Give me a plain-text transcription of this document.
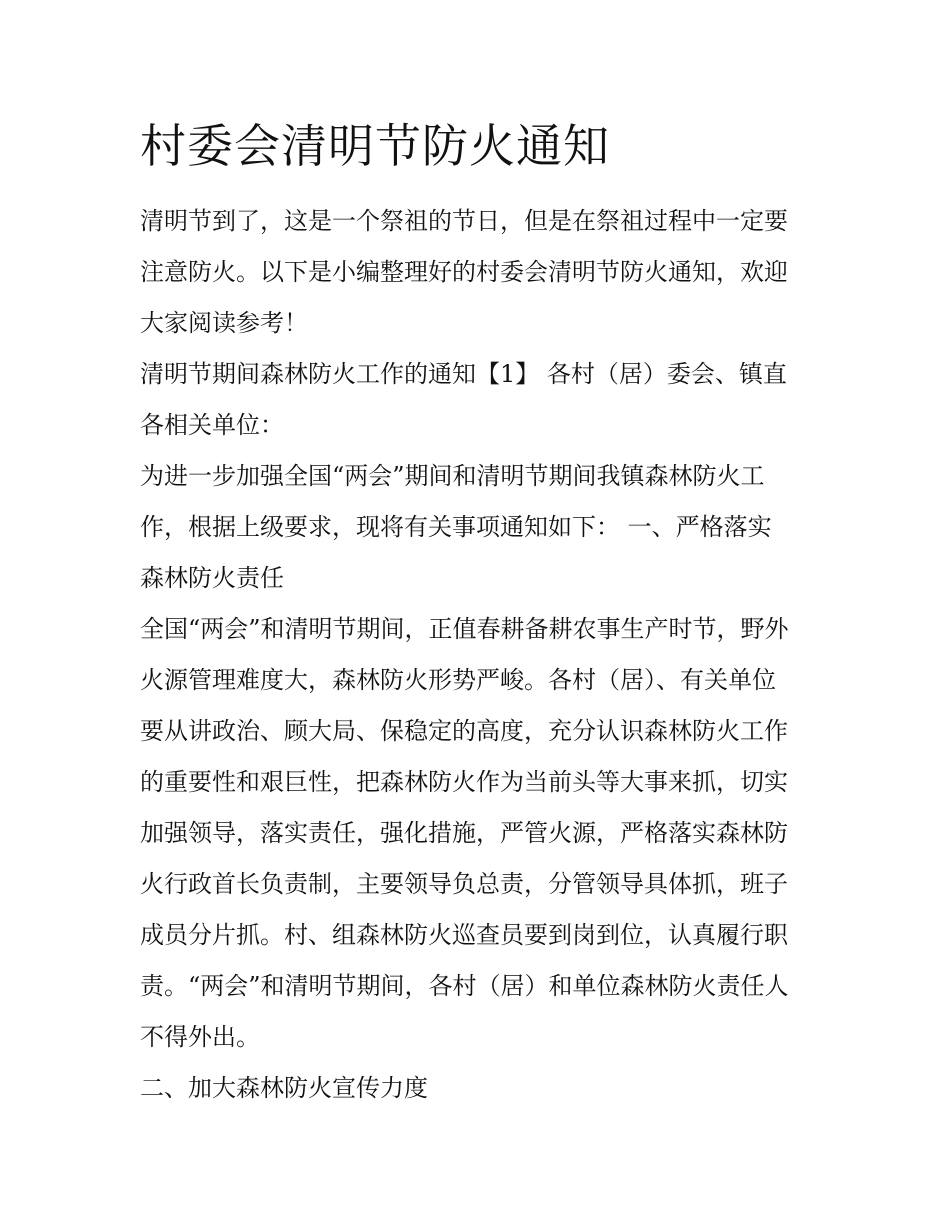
村委会清明节防火通知

清明节到了，这是一个祭祖的节日，但是在祭祖过程中一定要

注意防火。以下是小编整理好的村委会清明节防火通知，欢迎

大家阅读参考！

清明节期间森林防火工作的通知【1】 各村（居）委会、镇直

各相关单位：

为进一步加强全国“两会”期间和清明节期间我镇森林防火工

作，根据上级要求，现将有关事项通知如下： 一、严格落实

森林防火责任

全国“两会”和清明节期间，正值春耕备耕农事生产时节，野外

火源管理难度大，森林防火形势严峻。各村（居）、有关单位

要从讲政治、顾大局、保稳定的高度，充分认识森林防火工作

的重要性和艰巨性，把森林防火作为当前头等大事来抓，切实

加强领导，落实责任，强化措施，严管火源，严格落实森林防

火行政首长负责制，主要领导负总责，分管领导具体抓，班子

成员分片抓。村、组森林防火巡查员要到岗到位，认真履行职

责。“两会”和清明节期间，各村（居）和单位森林防火责任人

不得外出。

二、加大森林防火宣传力度
